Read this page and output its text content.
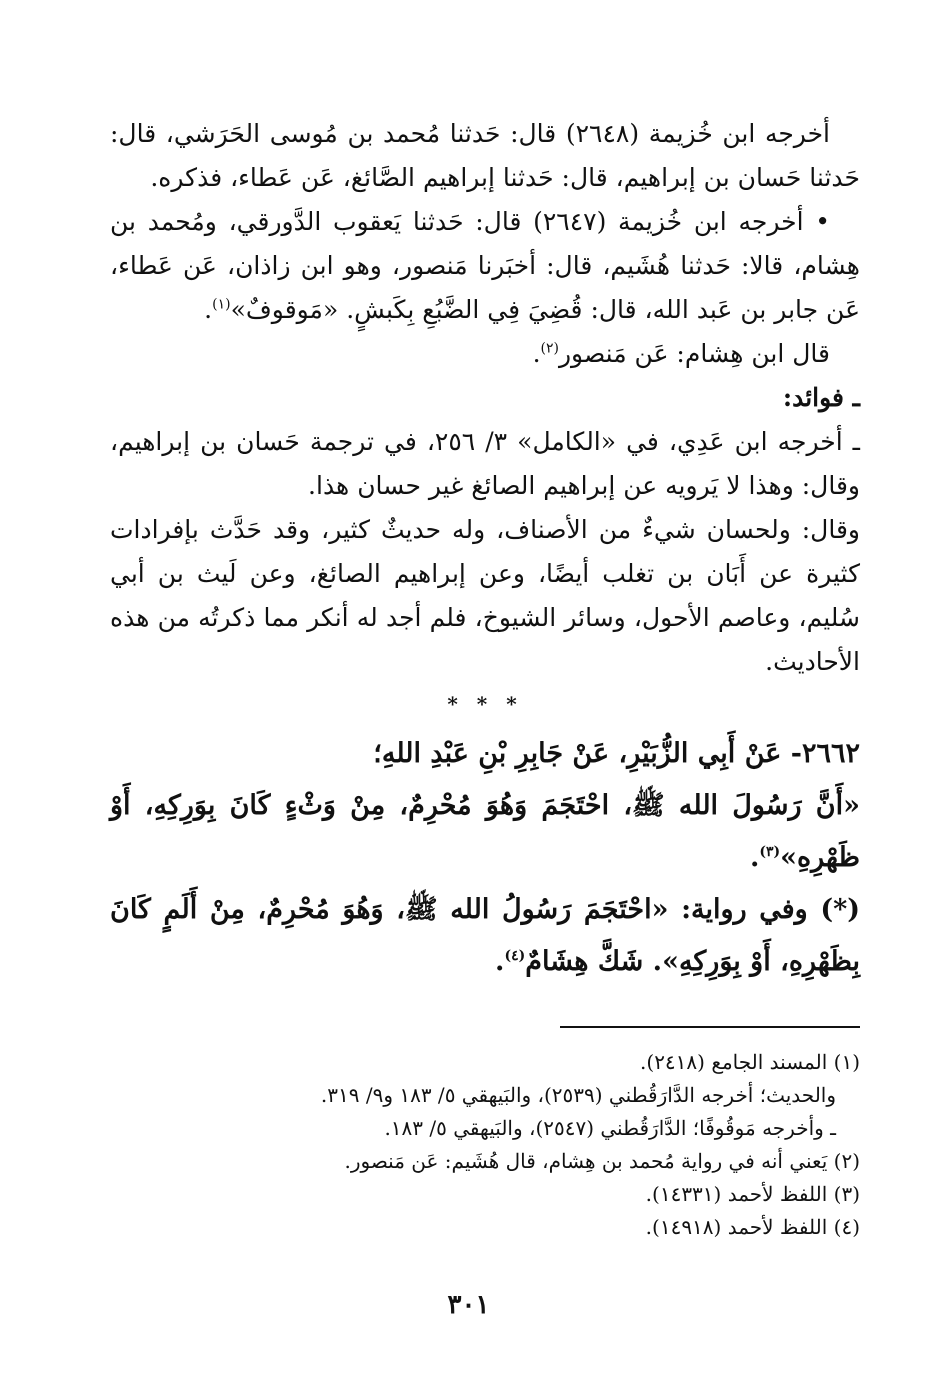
أخرجه ابن خُزيمة (٢٦٤٨) قال: حَدثنا مُحمد بن مُوسى الحَرَشي، قال: حَدثنا حَسان بن إبراهيم، قال: حَدثنا إبراهيم الصَّائغ، عَن عَطاء، فذكره.

• أخرجه ابن خُزيمة (٢٦٤٧) قال: حَدثنا يَعقوب الدَّورقي، ومُحمد بن هِشام، قالا: حَدثنا هُشَيم، قال: أخبَرنا مَنصور، وهو ابن زاذان، عَن عَطاء، عَن جابر بن عَبد الله، قال: قُضِيَ فِي الضَّبُعِ بِكَبشٍ. «مَوقوفٌ»$^{(١)}$.

قال ابن هِشام: عَن مَنصور$^{(٢)}$.

ـ فوائد:

ـ أخرجه ابن عَدِي، في «الكامل» ٣/ ٢٥٦، في ترجمة حَسان بن إبراهيم، وقال: وهذا لا يَرويه عن إبراهيم الصائغ غير حسان هذا.

وقال: ولحسان شيءٌ من الأصناف، وله حديثٌ كثير، وقد حَدَّث بإفرادات كثيرة عن أَبَان بن تغلب أيضًا، وعن إبراهيم الصائغ، وعن لَيث بن أبي سُليم، وعاصم الأحول، وسائر الشيوخ، فلم أجد له أنكر مما ذكرتُه من هذه الأحاديث.

* * *

٢٦٦٢- عَنْ أَبِي الزُّبَيْرِ، عَنْ جَابِرِ بْنِ عَبْدِ اللهِ؛

«أَنَّ رَسُولَ الله ﷺ، احْتَجَمَ وَهُوَ مُحْرِمٌ، مِنْ وَثْءٍ كَانَ بِوَرِكِهِ، أَوْ ظَهْرِهِ»$^{(٣)}$.

(*) وفي رواية: «احْتَجَمَ رَسُولُ الله ﷺ، وَهُوَ مُحْرِمٌ، مِنْ أَلَمٍ كَانَ بِظَهْرِهِ، أَوْ بِوَرِكِهِ». شَكَّ هِشَامٌ$^{(٤)}$.

(١) المسند الجامع (٢٤١٨).
والحديث؛ أخرجه الدَّارَقُطني (٢٥٣٩)، والبَيهقي ٥/ ١٨٣ و٩/ ٣١٩.
ـ وأخرجه مَوقُوفًا؛ الدَّارَقُطني (٢٥٤٧)، والبَيهقي ٥/ ١٨٣.
(٢) يَعني أنه في رواية مُحمد بن هِشام، قال هُشَيم: عَن مَنصور.
(٣) اللفظ لأحمد (١٤٣٣١).
(٤) اللفظ لأحمد (١٤٩١٨).
٣٠١
